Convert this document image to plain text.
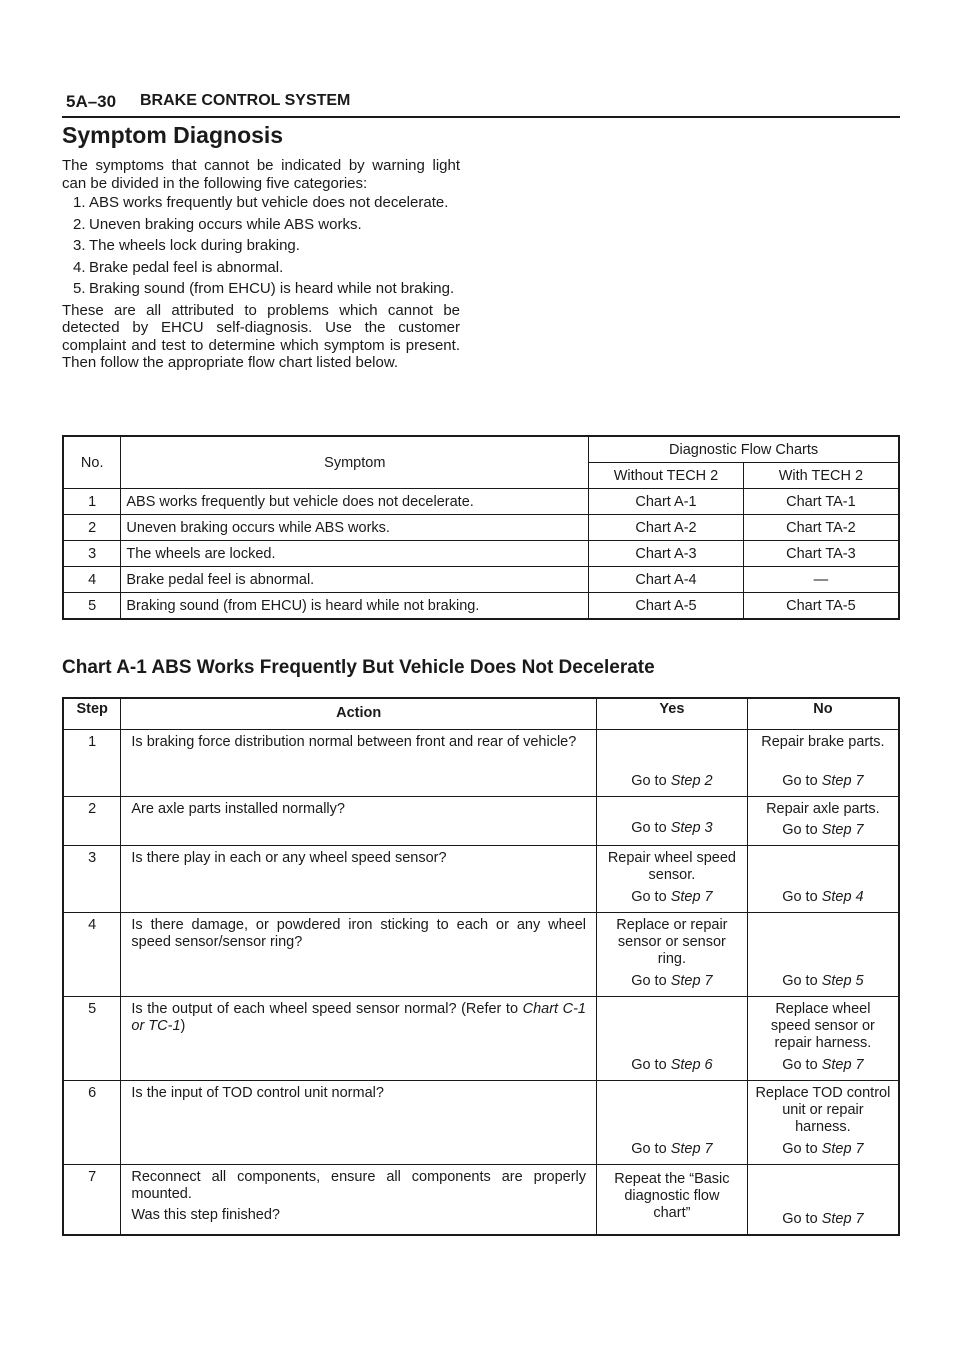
5A–30 BRAKE CONTROL SYSTEM
Symptom Diagnosis

The symptoms that cannot be indicated by warning light can be divided in the following five categories:

1. ABS works frequently but vehicle does not decelerate.
2. Uneven braking occurs while ABS works.
3. The wheels lock during braking.
4. Brake pedal feel is abnormal.
5. Braking sound (from EHCU) is heard while not braking.

These are all attributed to problems which cannot be detected by EHCU self-diagnosis. Use the customer complaint and test to determine which symptom is present. Then follow the appropriate flow chart listed below.

No.	Symptom	Diagnostic Flow Charts	
		Without TECH 2	With TECH 2
1	ABS works frequently but vehicle does not decelerate.	Chart A-1	Chart TA-1
2	Uneven braking occurs while ABS works.	Chart A-2	Chart TA-2
3	The wheels are locked.	Chart A-3	Chart TA-3
4	Brake pedal feel is abnormal.	Chart A-4	—
5	Braking sound (from EHCU) is heard while not braking.	Chart A-5	Chart TA-5
Chart A-1 ABS Works Frequently But Vehicle Does Not Decelerate
Step	Action	Yes	No
1	Is braking force distribution normal between front and rear of vehicle?	Go to Step 2	Repair brake parts.
Go to Step 7

2	Are axle parts installed normally?	Go to Step 3	Repair axle parts.
Go to Step 7

3	Is there play in each or any wheel speed sensor?	Repair wheel speed sensor.
Go to Step 7	Go to Step 4

4	Is there damage, or powdered iron sticking to each or any wheel speed sensor/sensor ring?	Replace or repair sensor or sensor ring.
Go to Step 7	Go to Step 5

5	Is the output of each wheel speed sensor normal? (Refer to Chart C-1 or TC-1)	Go to Step 6	Replace wheel speed sensor or repair harness.
Go to Step 7

6	Is the input of TOD control unit normal?	Go to Step 7	Replace TOD control unit or repair harness.
Go to Step 7

7	Reconnect all components, ensure all components are properly mounted.

Was this step finished?	Repeat the “Basic diagnostic flow chart”	Go to Step 7
